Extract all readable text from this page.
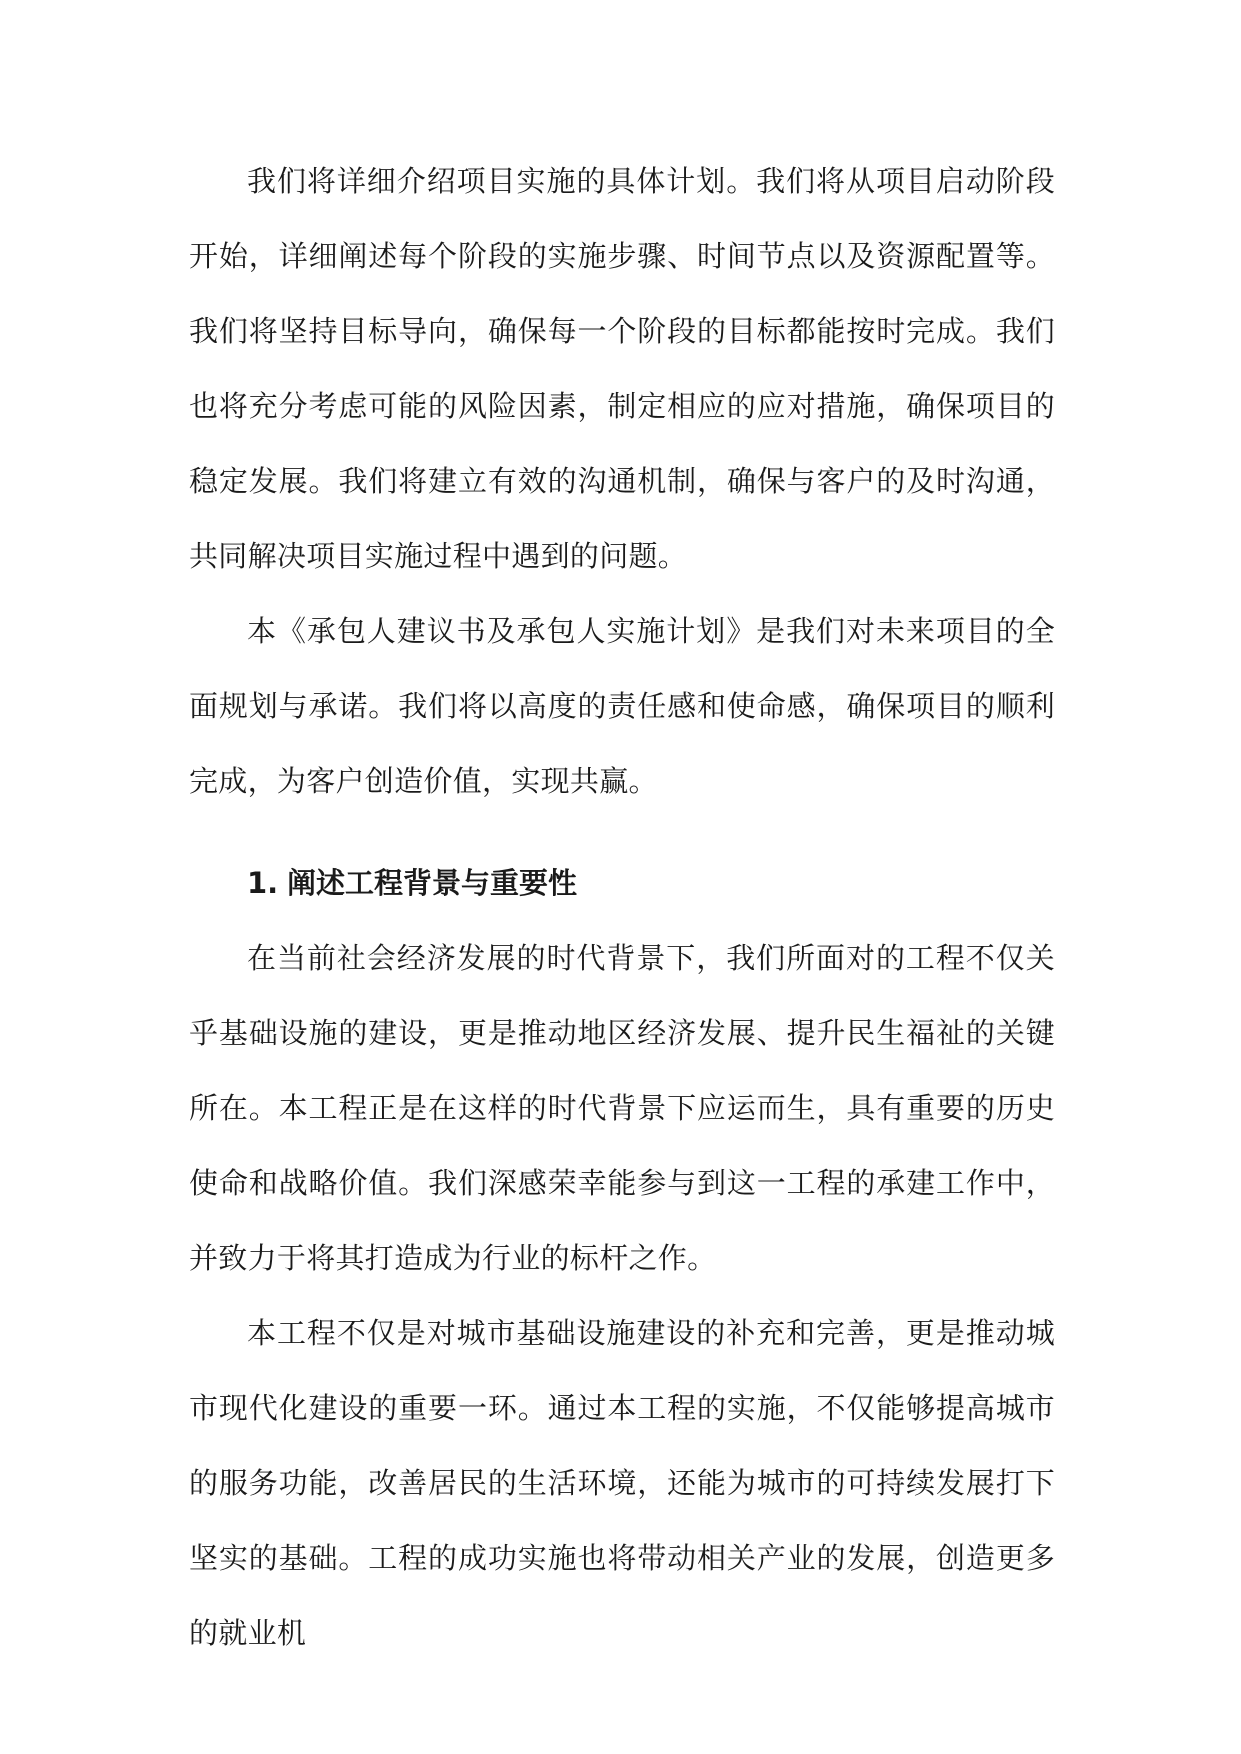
我们将详细介绍项目实施的具体计划。我们将从项目启动阶段开始，详细阐述每个阶段的实施步骤、时间节点以及资源配置等。我们将坚持目标导向，确保每一个阶段的目标都能按时完成。我们也将充分考虑可能的风险因素，制定相应的应对措施，确保项目的稳定发展。我们将建立有效的沟通机制，确保与客户的及时沟通，共同解决项目实施过程中遇到的问题。

本《承包人建议书及承包人实施计划》是我们对未来项目的全面规划与承诺。我们将以高度的责任感和使命感，确保项目的顺利完成，为客户创造价值，实现共赢。

1. 阐述工程背景与重要性

在当前社会经济发展的时代背景下，我们所面对的工程不仅关乎基础设施的建设，更是推动地区经济发展、提升民生福祉的关键所在。本工程正是在这样的时代背景下应运而生，具有重要的历史使命和战略价值。我们深感荣幸能参与到这一工程的承建工作中，并致力于将其打造成为行业的标杆之作。

本工程不仅是对城市基础设施建设的补充和完善，更是推动城市现代化建设的重要一环。通过本工程的实施，不仅能够提高城市的服务功能，改善居民的生活环境，还能为城市的可持续发展打下坚实的基础。工程的成功实施也将带动相关产业的发展，创造更多的就业机
